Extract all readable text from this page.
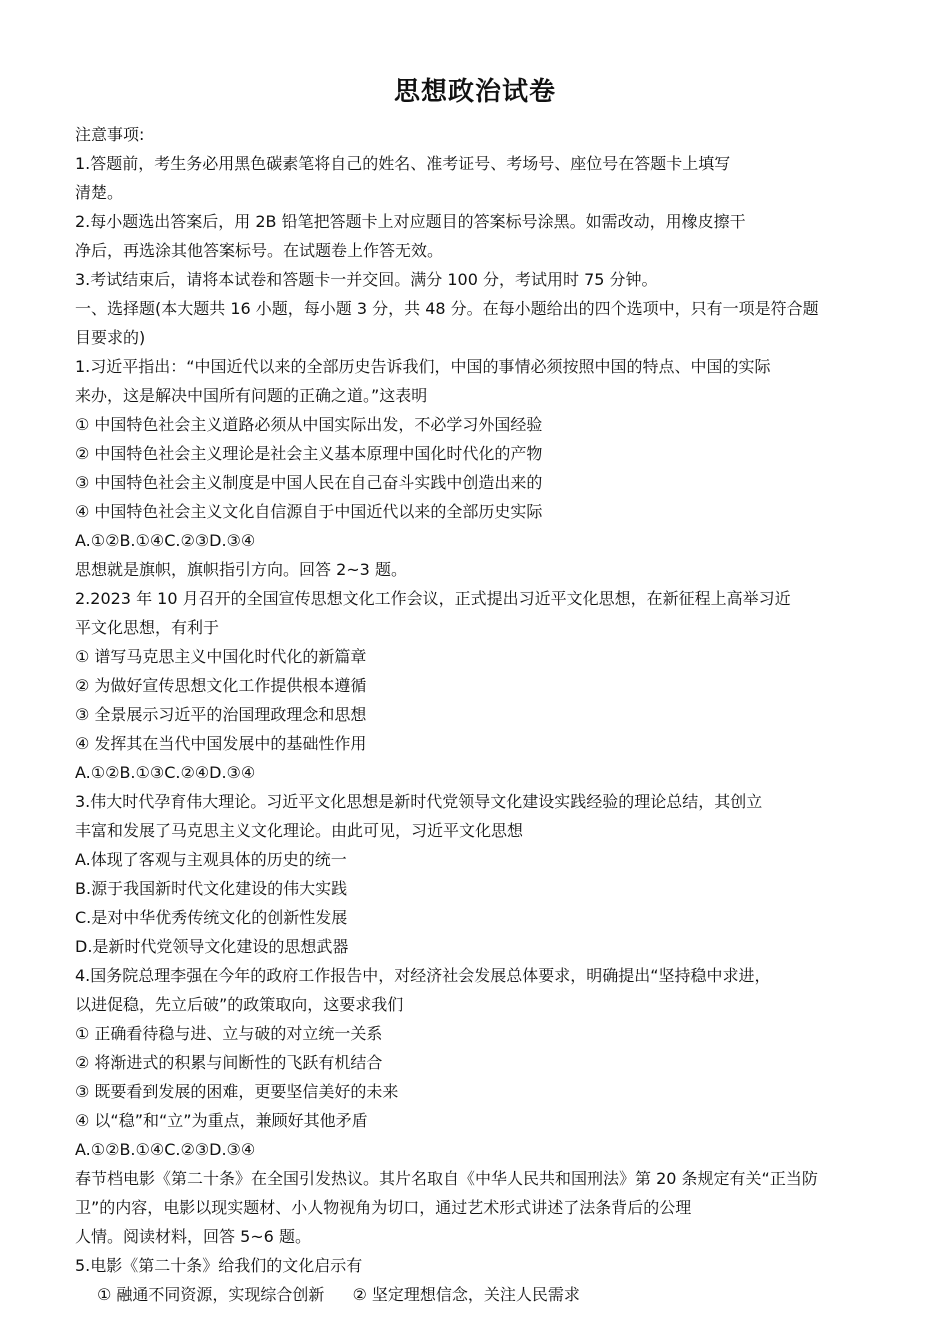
思想政治试卷
注意事项:
1.答题前，考生务必用黑色碳素笔将自己的姓名、准考证号、考场号、座位号在答题卡上填写
清楚。
2.每小题选出答案后，用 2B 铅笔把答题卡上对应题目的答案标号涂黑。如需改动，用橡皮擦干
净后，再选涂其他答案标号。在试题卷上作答无效。
3.考试结束后，请将本试卷和答题卡一并交回。满分 100 分，考试用时 75 分钟。
一、选择题(本大题共 16 小题，每小题 3 分，共 48 分。在每小题给出的四个选项中，只有一项是符合题
目要求的)
1.习近平指出：“中国近代以来的全部历史告诉我们，中国的事情必须按照中国的特点、中国的实际
来办，这是解决中国所有问题的正确之道。”这表明
① 中国特色社会主义道路必须从中国实际出发，不必学习外国经验
② 中国特色社会主义理论是社会主义基本原理中国化时代化的产物
③ 中国特色社会主义制度是中国人民在自己奋斗实践中创造出来的
④ 中国特色社会主义文化自信源自于中国近代以来的全部历史实际
A.①②B.①④C.②③D.③④
思想就是旗帜，旗帜指引方向。回答 2~3 题。
2.2023 年 10 月召开的全国宣传思想文化工作会议，正式提出习近平文化思想，在新征程上高举习近
平文化思想，有利于
① 谱写马克思主义中国化时代化的新篇章
② 为做好宣传思想文化工作提供根本遵循
③ 全景展示习近平的治国理政理念和思想
④ 发挥其在当代中国发展中的基础性作用
A.①②B.①③C.②④D.③④
3.伟大时代孕育伟大理论。习近平文化思想是新时代党领导文化建设实践经验的理论总结，其创立
丰富和发展了马克思主义文化理论。由此可见，习近平文化思想
A.体现了客观与主观具体的历史的统一
B.源于我国新时代文化建设的伟大实践
C.是对中华优秀传统文化的创新性发展
D.是新时代党领导文化建设的思想武器
4.国务院总理李强在今年的政府工作报告中，对经济社会发展总体要求，明确提出“坚持稳中求进，
以进促稳，先立后破”的政策取向，这要求我们
① 正确看待稳与进、立与破的对立统一关系
② 将渐进式的积累与间断性的飞跃有机结合
③ 既要看到发展的困难，更要坚信美好的未来
④ 以“稳”和“立”为重点，兼顾好其他矛盾
A.①②B.①④C.②③D.③④
春节档电影《第二十条》在全国引发热议。其片名取自《中华人民共和国刑法》第 20 条规定有关“正当防
卫”的内容，电影以现实题材、小人物视角为切口，通过艺术形式讲述了法条背后的公理
人情。阅读材料，回答 5~6 题。
5.电影《第二十条》给我们的文化启示有
① 融通不同资源，实现综合创新 ② 坚定理想信念，关注人民需求
